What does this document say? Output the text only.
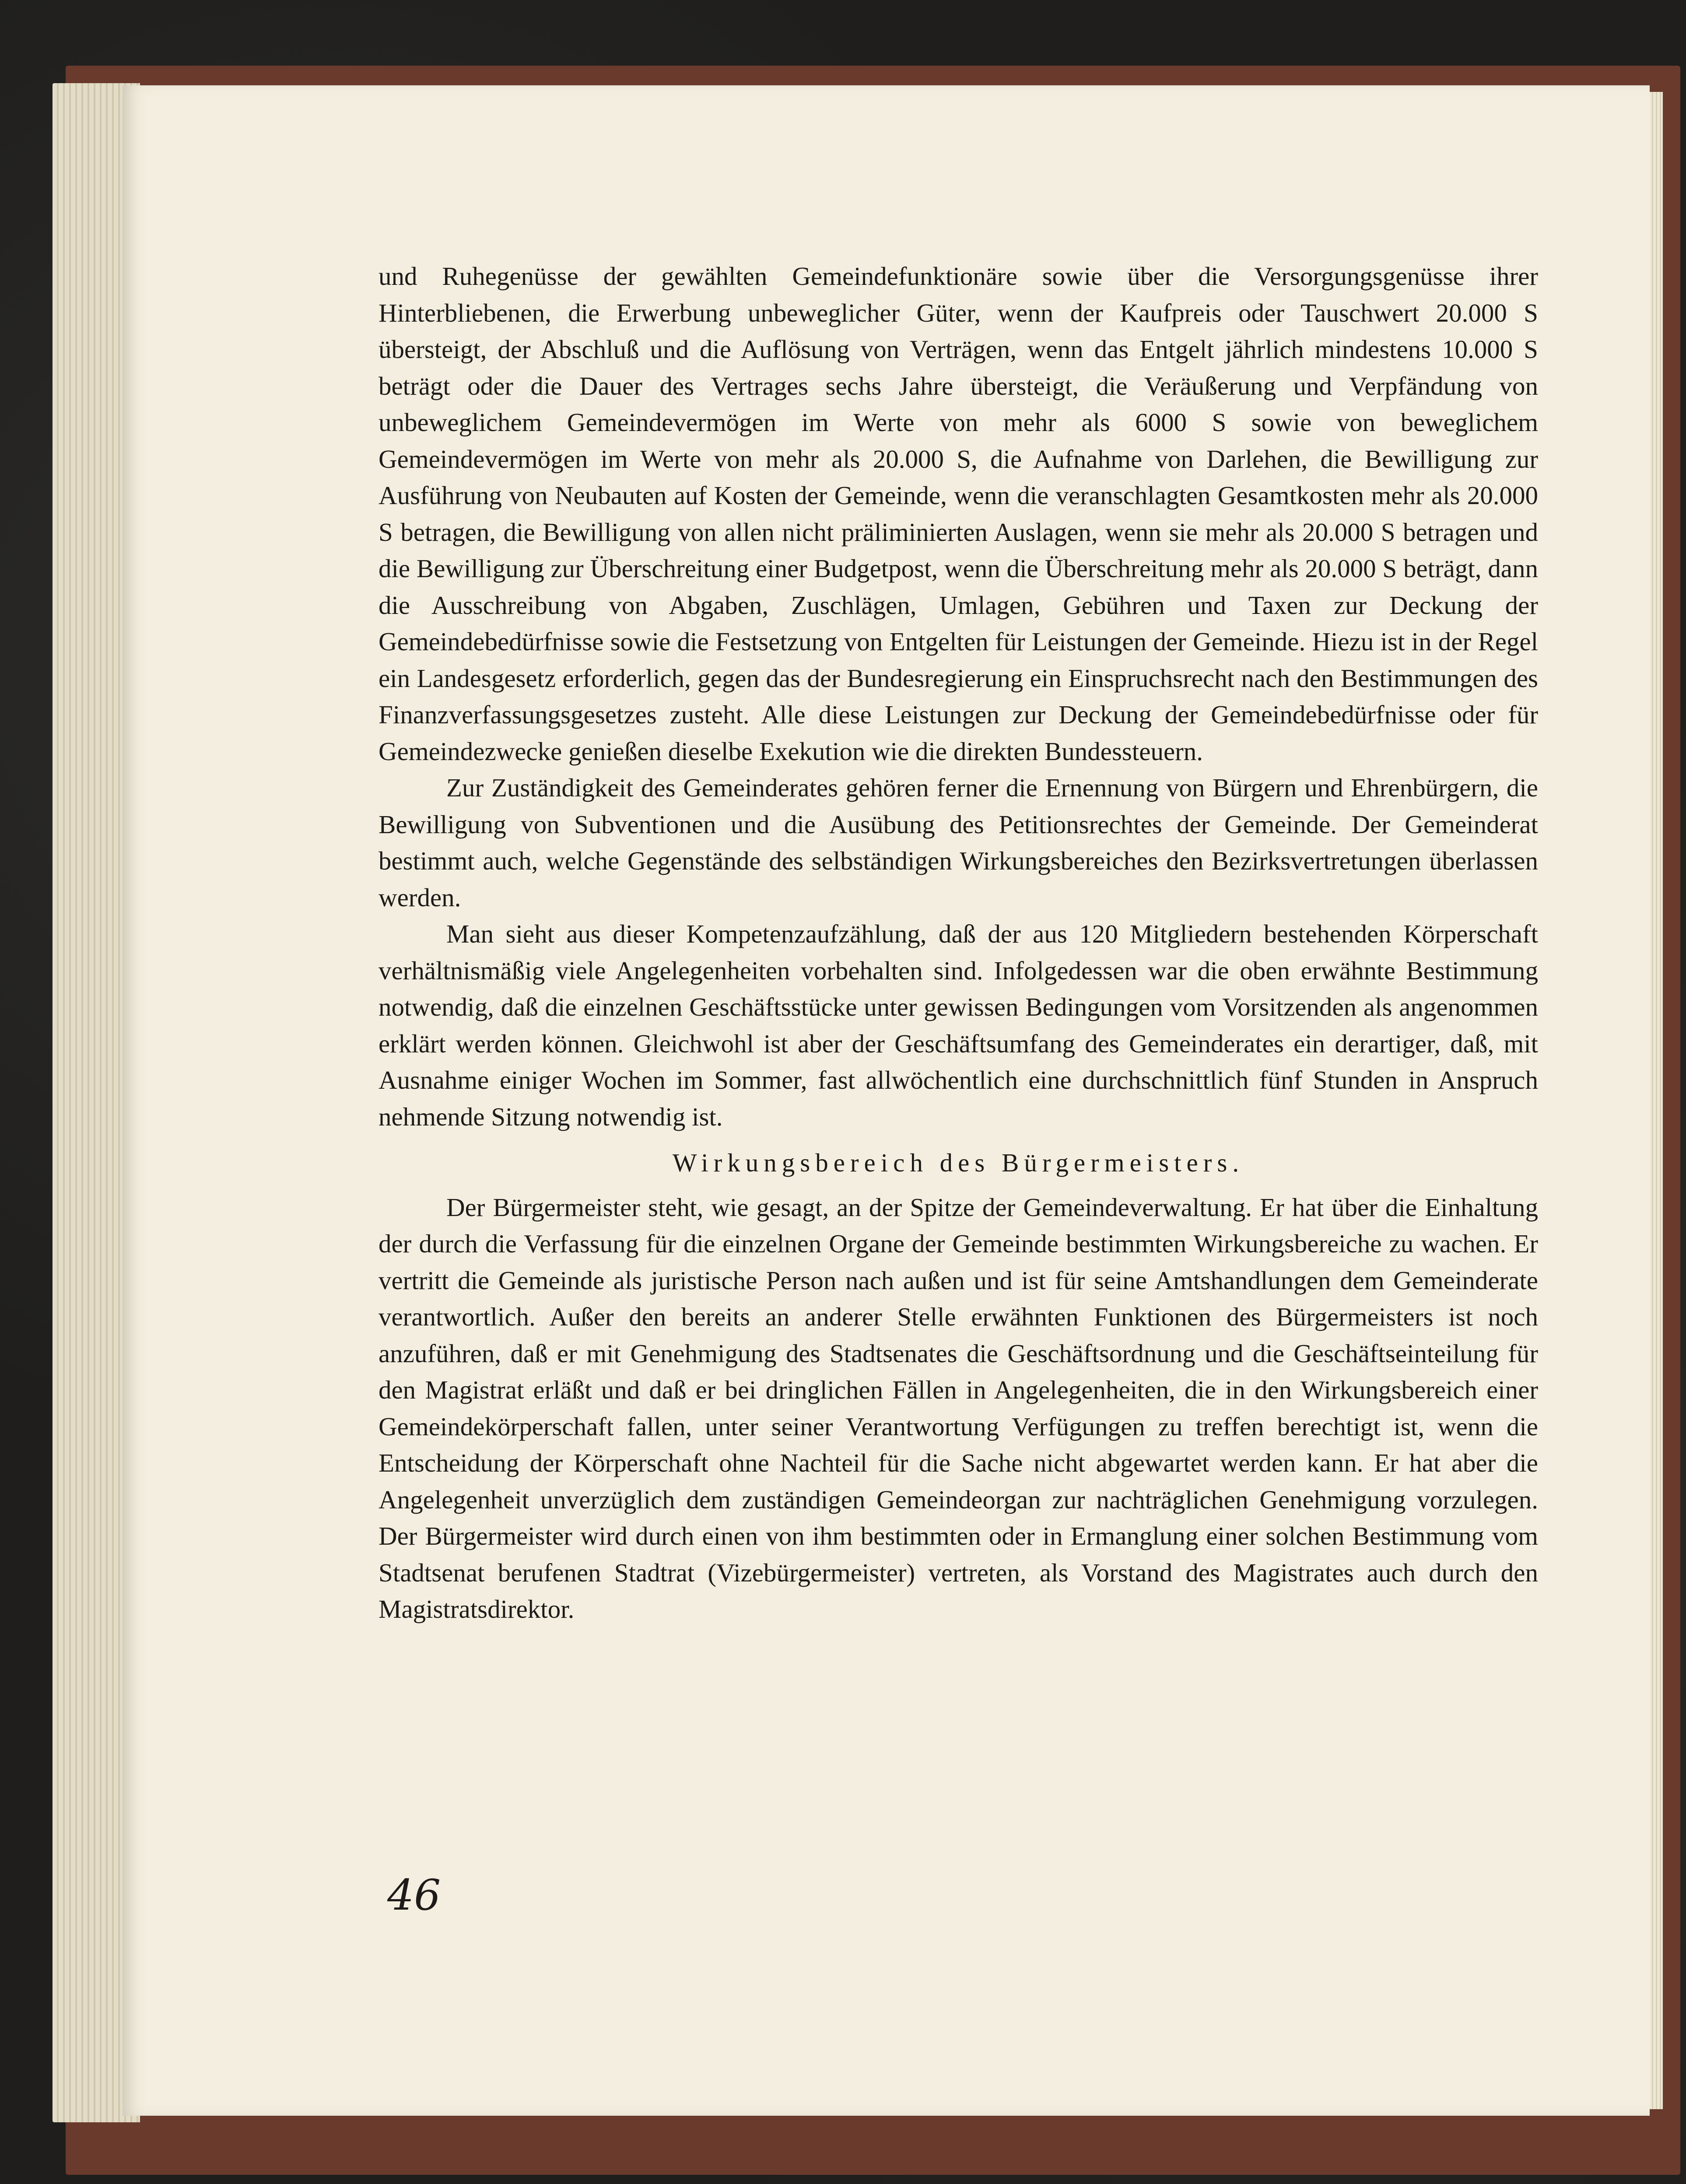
und Ruhegenüsse der gewählten Gemeindefunktionäre sowie über die Versorgungsgenüsse ihrer Hinterbliebenen, die Erwerbung unbeweglicher Güter, wenn der Kaufpreis oder Tauschwert 20.000 S übersteigt, der Abschluß und die Auflösung von Verträgen, wenn das Entgelt jährlich mindestens 10.000 S beträgt oder die Dauer des Vertrages sechs Jahre übersteigt, die Veräußerung und Verpfändung von unbeweglichem Gemeindevermögen im Werte von mehr als 6000 S sowie von beweglichem Gemeindevermögen im Werte von mehr als 20.000 S, die Aufnahme von Darlehen, die Bewilligung zur Ausführung von Neubauten auf Kosten der Gemeinde, wenn die veranschlagten Gesamtkosten mehr als 20.000 S betragen, die Bewilligung von allen nicht präliminierten Auslagen, wenn sie mehr als 20.000 S betragen und die Bewilligung zur Überschreitung einer Budgetpost, wenn die Überschreitung mehr als 20.000 S beträgt, dann die Ausschreibung von Abgaben, Zuschlägen, Umlagen, Gebühren und Taxen zur Deckung der Gemeindebedürfnisse sowie die Festsetzung von Entgelten für Leistungen der Gemeinde. Hiezu ist in der Regel ein Landesgesetz erforderlich, gegen das der Bundesregierung ein Einspruchsrecht nach den Bestimmungen des Finanzverfassungsgesetzes zusteht. Alle diese Leistungen zur Deckung der Gemeindebedürfnisse oder für Gemeindezwecke genießen dieselbe Exekution wie die direkten Bundessteuern.

Zur Zuständigkeit des Gemeinderates gehören ferner die Ernennung von Bürgern und Ehrenbürgern, die Bewilligung von Subventionen und die Ausübung des Petitionsrechtes der Gemeinde. Der Gemeinderat bestimmt auch, welche Gegenstände des selbständigen Wirkungsbereiches den Bezirksvertretungen überlassen werden.

Man sieht aus dieser Kompetenzaufzählung, daß der aus 120 Mitgliedern bestehenden Körperschaft verhältnismäßig viele Angelegenheiten vorbehalten sind. Infolgedessen war die oben erwähnte Bestimmung notwendig, daß die einzelnen Geschäftsstücke unter gewissen Bedingungen vom Vorsitzenden als angenommen erklärt werden können. Gleichwohl ist aber der Geschäftsumfang des Gemeinderates ein derartiger, daß, mit Ausnahme einiger Wochen im Sommer, fast allwöchentlich eine durchschnittlich fünf Stunden in Anspruch nehmende Sitzung notwendig ist.

Wirkungsbereich des Bürgermeisters.

Der Bürgermeister steht, wie gesagt, an der Spitze der Gemeindeverwaltung. Er hat über die Einhaltung der durch die Verfassung für die einzelnen Organe der Gemeinde bestimmten Wirkungsbereiche zu wachen. Er vertritt die Gemeinde als juristische Person nach außen und ist für seine Amtshandlungen dem Gemeinderate verantwortlich. Außer den bereits an anderer Stelle erwähnten Funktionen des Bürgermeisters ist noch anzuführen, daß er mit Genehmigung des Stadtsenates die Geschäftsordnung und die Geschäftseinteilung für den Magistrat erläßt und daß er bei dringlichen Fällen in Angelegenheiten, die in den Wirkungsbereich einer Gemeindekörperschaft fallen, unter seiner Verantwortung Verfügungen zu treffen berechtigt ist, wenn die Entscheidung der Körperschaft ohne Nachteil für die Sache nicht abgewartet werden kann. Er hat aber die Angelegenheit unverzüglich dem zuständigen Gemeindeorgan zur nachträglichen Genehmigung vorzulegen. Der Bürgermeister wird durch einen von ihm bestimmten oder in Ermanglung einer solchen Bestimmung vom Stadtsenat berufenen Stadtrat (Vizebürgermeister) vertreten, als Vorstand des Magistrates auch durch den Magistratsdirektor.

46
